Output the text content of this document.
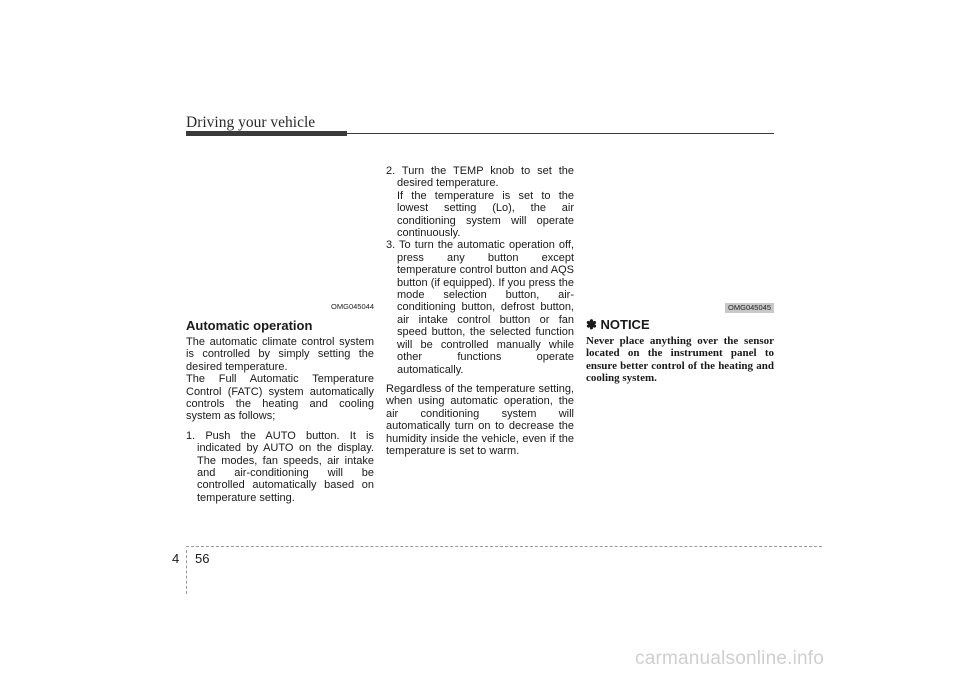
Driving your vehicle
OMG045044
Automatic operation

The automatic climate control system is controlled by simply setting the desired temperature.

The Full Automatic Temperature Control (FATC) system automatically controls the heating and cooling system as follows;

1. Push the AUTO button. It is indicated by AUTO on the display. The modes, fan speeds, air intake and air-conditioning will be controlled automatically based on temperature setting.

2. Turn the TEMP knob to set the desired temperature.

If the temperature is set to the lowest setting (Lo), the air conditioning system will operate continuously.

3. To turn the automatic operation off, press any button except temperature control button and AQS button (if equipped). If you press the mode selection button, air-conditioning button, defrost button, air intake control button or fan speed button, the selected function will be controlled manually while other functions operate automatically.

Regardless of the temperature setting, when using automatic operation, the air conditioning system will automatically turn on to decrease the humidity inside the vehicle, even if the temperature is set to warm.

OMG045045
✽ NOTICE

Never place anything over the sensor located on the instrument panel to ensure better control of the heating and cooling system.

4 56
carmanualsonline.info
